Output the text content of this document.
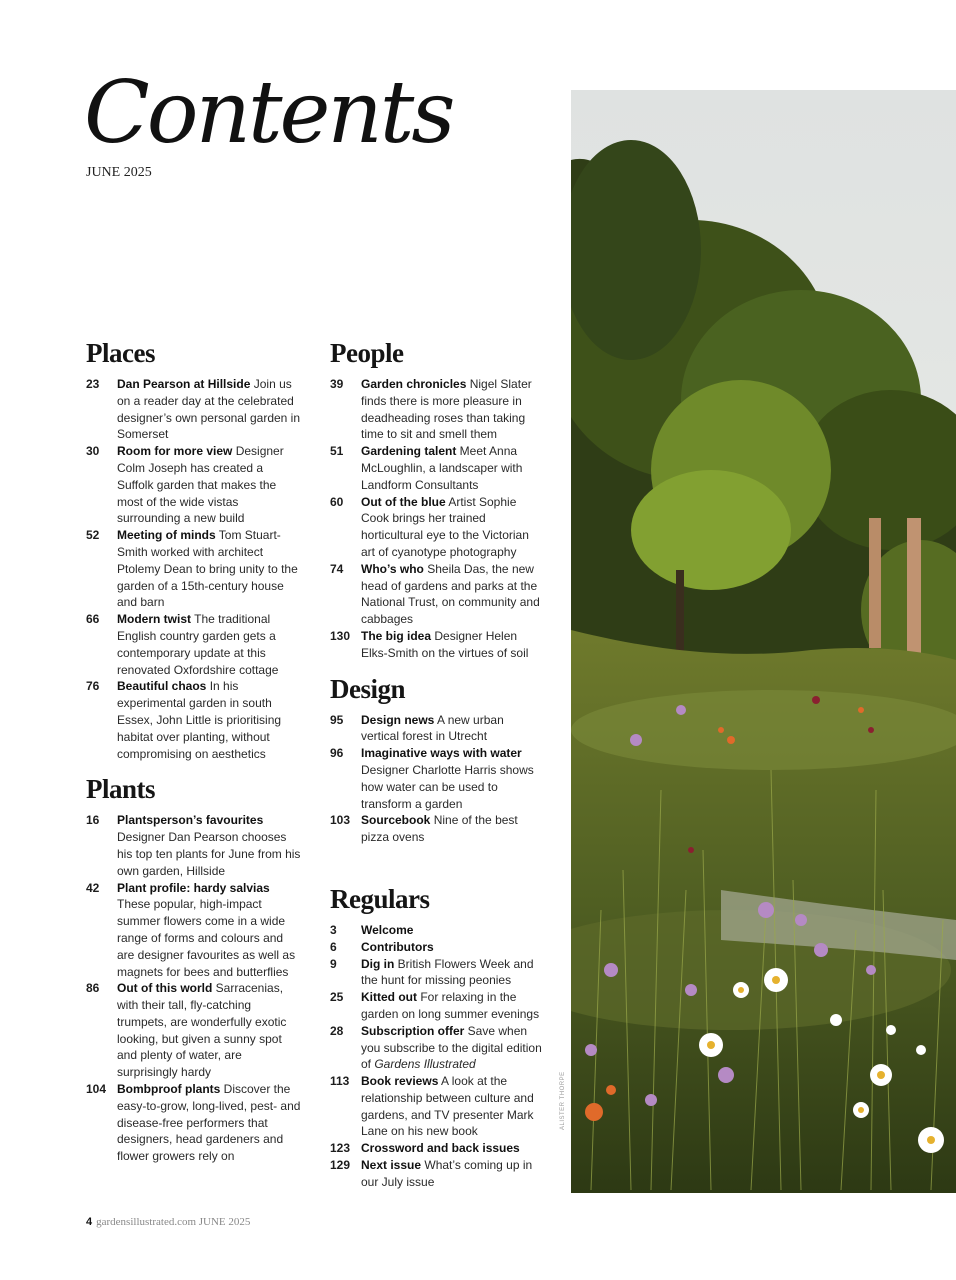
Contents
JUNE 2025
Places
23	Dan Pearson at Hillside Join us on a reader day at the celebrated designer’s own personal garden in Somerset
30	Room for more view Designer Colm Joseph has created a Suffolk garden that makes the most of the wide vistas surrounding a new build
52	Meeting of minds Tom Stuart-Smith worked with architect Ptolemy Dean to bring unity to the garden of a 15th-century house and barn
66	Modern twist The traditional English country garden gets a contemporary update at this renovated Oxfordshire cottage
76	Beautiful chaos In his experimental garden in south Essex, John Little is prioritising habitat over planting, without compromising on aesthetics
Plants
16	Plantsperson’s favourites Designer Dan Pearson chooses his top ten plants for June from his own garden, Hillside
42	Plant profile: hardy salvias These popular, high-impact summer flowers come in a wide range of forms and colours and are designer favourites as well as magnets for bees and butterflies
86	Out of this world Sarracenias, with their tall, fly-catching trumpets, are wonderfully exotic looking, but given a sunny spot and plenty of water, are surprisingly hardy
104 Bombproof plants Discover the easy-to-grow, long-lived, pest- and disease-free performers that designers, head gardeners and flower growers rely on
People
39	Garden chronicles Nigel Slater finds there is more pleasure in deadheading roses than taking time to sit and smell them
51	Gardening talent Meet Anna McLoughlin, a landscaper with Landform Consultants
60	Out of the blue Artist Sophie Cook brings her trained horticultural eye to the Victorian art of cyanotype photography
74	Who’s who Sheila Das, the new head of gardens and parks at the National Trust, on community and cabbages
130 The big idea Designer Helen Elks-Smith on the virtues of soil
Design
95	Design news A new urban vertical forest in Utrecht
96	Imaginative ways with water Designer Charlotte Harris shows how water can be used to transform a garden
103 Sourcebook Nine of the best pizza ovens
Regulars
3	Welcome
6	Contributors
9	Dig in British Flowers Week and the hunt for missing peonies
25	Kitted out For relaxing in the garden on long summer evenings
28	Subscription offer Save when you subscribe to the digital edition of Gardens Illustrated
113 Book reviews A look at the relationship between culture and gardens, and TV presenter Mark Lane on his new book
123 Crossword and back issues
129 Next issue What’s coming up in our July issue
ALISTER THORPE
4 gardensillustrated.com JUNE 2025
